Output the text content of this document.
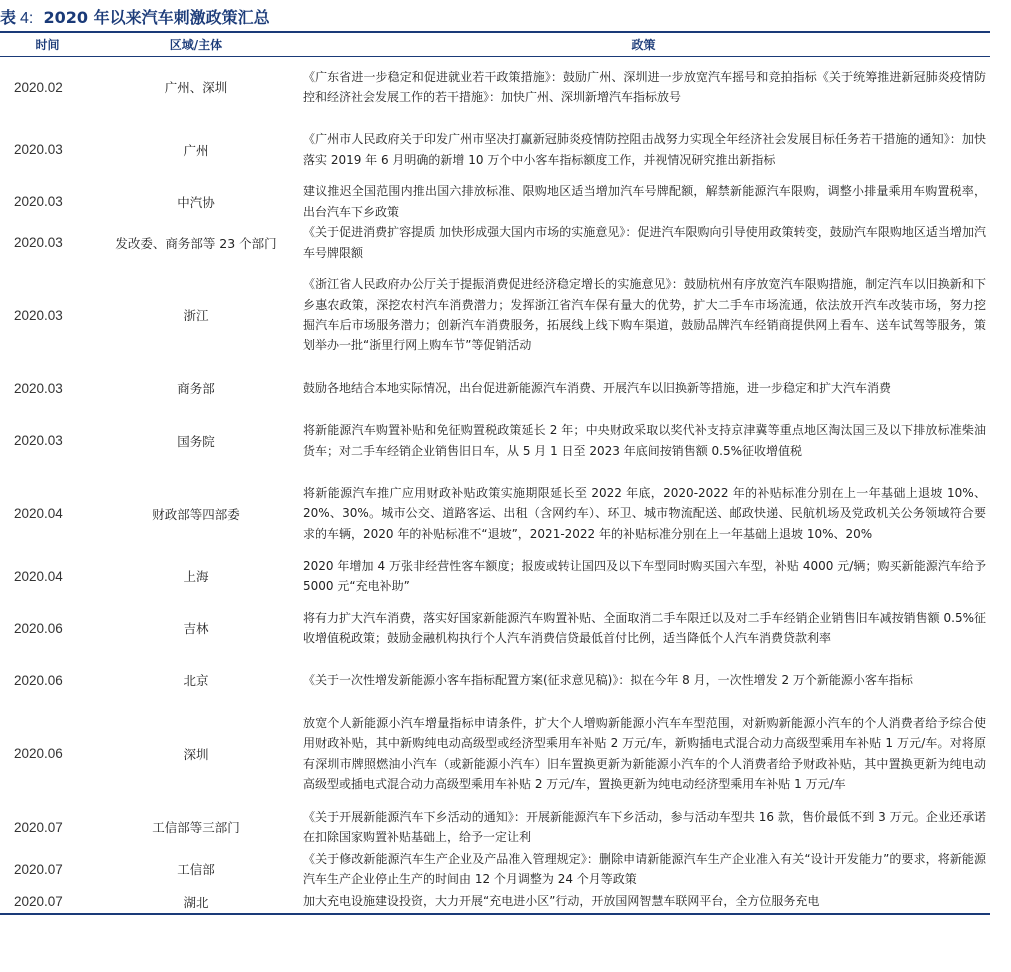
表 4: 2020 年以来汽车刺激政策汇总
时间	区域/主体	政策
2020.02	广州、深圳	《广东省进一步稳定和促进就业若干政策措施》：鼓励广州、深圳进一步放宽汽车摇号和竞拍指标《关于统筹推进新冠肺炎疫情防控和经济社会发展工作的若干措施》：加快广州、深圳新增汽车指标放号
2020.03	广州	《广州市人民政府关于印发广州市坚决打赢新冠肺炎疫情防控阻击战努力实现全年经济社会发展目标任务若干措施的通知》：加快落实 2019 年 6 月明确的新增 10 万个中小客车指标额度工作，并视情况研究推出新指标
2020.03	中汽协	建议推迟全国范围内推出国六排放标准、限购地区适当增加汽车号牌配额，解禁新能源汽车限购，调整小排量乘用车购置税率，出台汽车下乡政策
2020.03	发改委、商务部等 23 个部门	《关于促进消费扩容提质 加快形成强大国内市场的实施意见》：促进汽车限购向引导使用政策转变，鼓励汽车限购地区适当增加汽车号牌限额
2020.03	浙江	《浙江省人民政府办公厅关于提振消费促进经济稳定增长的实施意见》：鼓励杭州有序放宽汽车限购措施，制定汽车以旧换新和下乡惠农政策，深挖农村汽车消费潜力；发挥浙江省汽车保有量大的优势，扩大二手车市场流通，依法放开汽车改装市场，努力挖掘汽车后市场服务潜力；创新汽车消费服务，拓展线上线下购车渠道，鼓励品牌汽车经销商提供网上看车、送车试驾等服务，策划举办一批“浙里行网上购车节”等促销活动
2020.03	商务部	鼓励各地结合本地实际情况，出台促进新能源汽车消费、开展汽车以旧换新等措施，进一步稳定和扩大汽车消费
2020.03	国务院	将新能源汽车购置补贴和免征购置税政策延长 2 年；中央财政采取以奖代补支持京津冀等重点地区淘汰国三及以下排放标准柴油货车；对二手车经销企业销售旧日车，从 5 月 1 日至 2023 年底间按销售额 0.5%征收增值税
2020.04	财政部等四部委	将新能源汽车推广应用财政补贴政策实施期限延长至 2022 年底，2020-2022 年的补贴标准分别在上一年基础上退坡 10%、20%、30%。城市公交、道路客运、出租（含网约车）、环卫、城市物流配送、邮政快递、民航机场及党政机关公务领域符合要求的车辆，2020 年的补贴标准不“退坡”，2021-2022 年的补贴标准分别在上一年基础上退坡 10%、20%
2020.04	上海	2020 年增加 4 万张非经营性客车额度；报废或转让国四及以下车型同时购买国六车型，补贴 4000 元/辆；购买新能源汽车给予 5000 元“充电补助”
2020.06	吉林	将有力扩大汽车消费，落实好国家新能源汽车购置补贴、全面取消二手车限迁以及对二手车经销企业销售旧车减按销售额 0.5%征收增值税政策；鼓励金融机构执行个人汽车消费信贷最低首付比例，适当降低个人汽车消费贷款利率
2020.06	北京	《关于一次性增发新能源小客车指标配置方案(征求意见稿)》：拟在今年 8 月，一次性增发 2 万个新能源小客车指标
2020.06	深圳	放宽个人新能源小汽车增量指标申请条件，扩大个人增购新能源小汽车车型范围，对新购新能源小汽车的个人消费者给予综合使用财政补贴，其中新购纯电动高级型或经济型乘用车补贴 2 万元/车，新购插电式混合动力高级型乘用车补贴 1 万元/车。对将原有深圳市牌照燃油小汽车（或新能源小汽车）旧车置换更新为新能源小汽车的个人消费者给予财政补贴，其中置换更新为纯电动高级型或插电式混合动力高级型乘用车补贴 2 万元/车，置换更新为纯电动经济型乘用车补贴 1 万元/车
2020.07	工信部等三部门	《关于开展新能源汽车下乡活动的通知》：开展新能源汽车下乡活动，参与活动车型共 16 款，售价最低不到 3 万元。企业还承诺在扣除国家购置补贴基础上，给予一定让利
2020.07	工信部	《关于修改新能源汽车生产企业及产品准入管理规定》：删除申请新能源汽车生产企业准入有关“设计开发能力”的要求，将新能源汽车生产企业停止生产的时间由 12 个月调整为 24 个月等政策
2020.07	湖北	加大充电设施建设投资，大力开展“充电进小区”行动，开放国网智慧车联网平台，全方位服务充电
